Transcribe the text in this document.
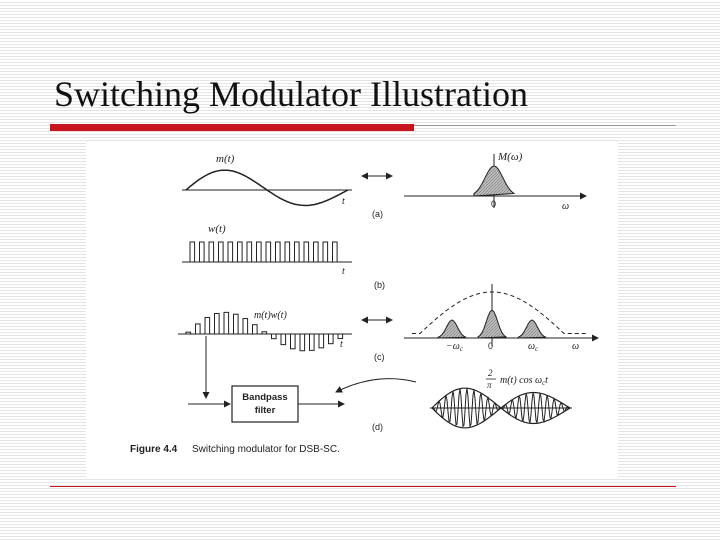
Switching Modulator Illustration
m(t)
t
(a)
M(ω)
0	ω
w(t)
t
(b)
m(t)w(t)
t
(c)
$-\omega_c$	0	$\omega_c$	ω
Bandpass
filter
(d)
2
π m(t) $\cos \omega_ct$
Figure 4.4 Switching modulator for DSB-SC.
